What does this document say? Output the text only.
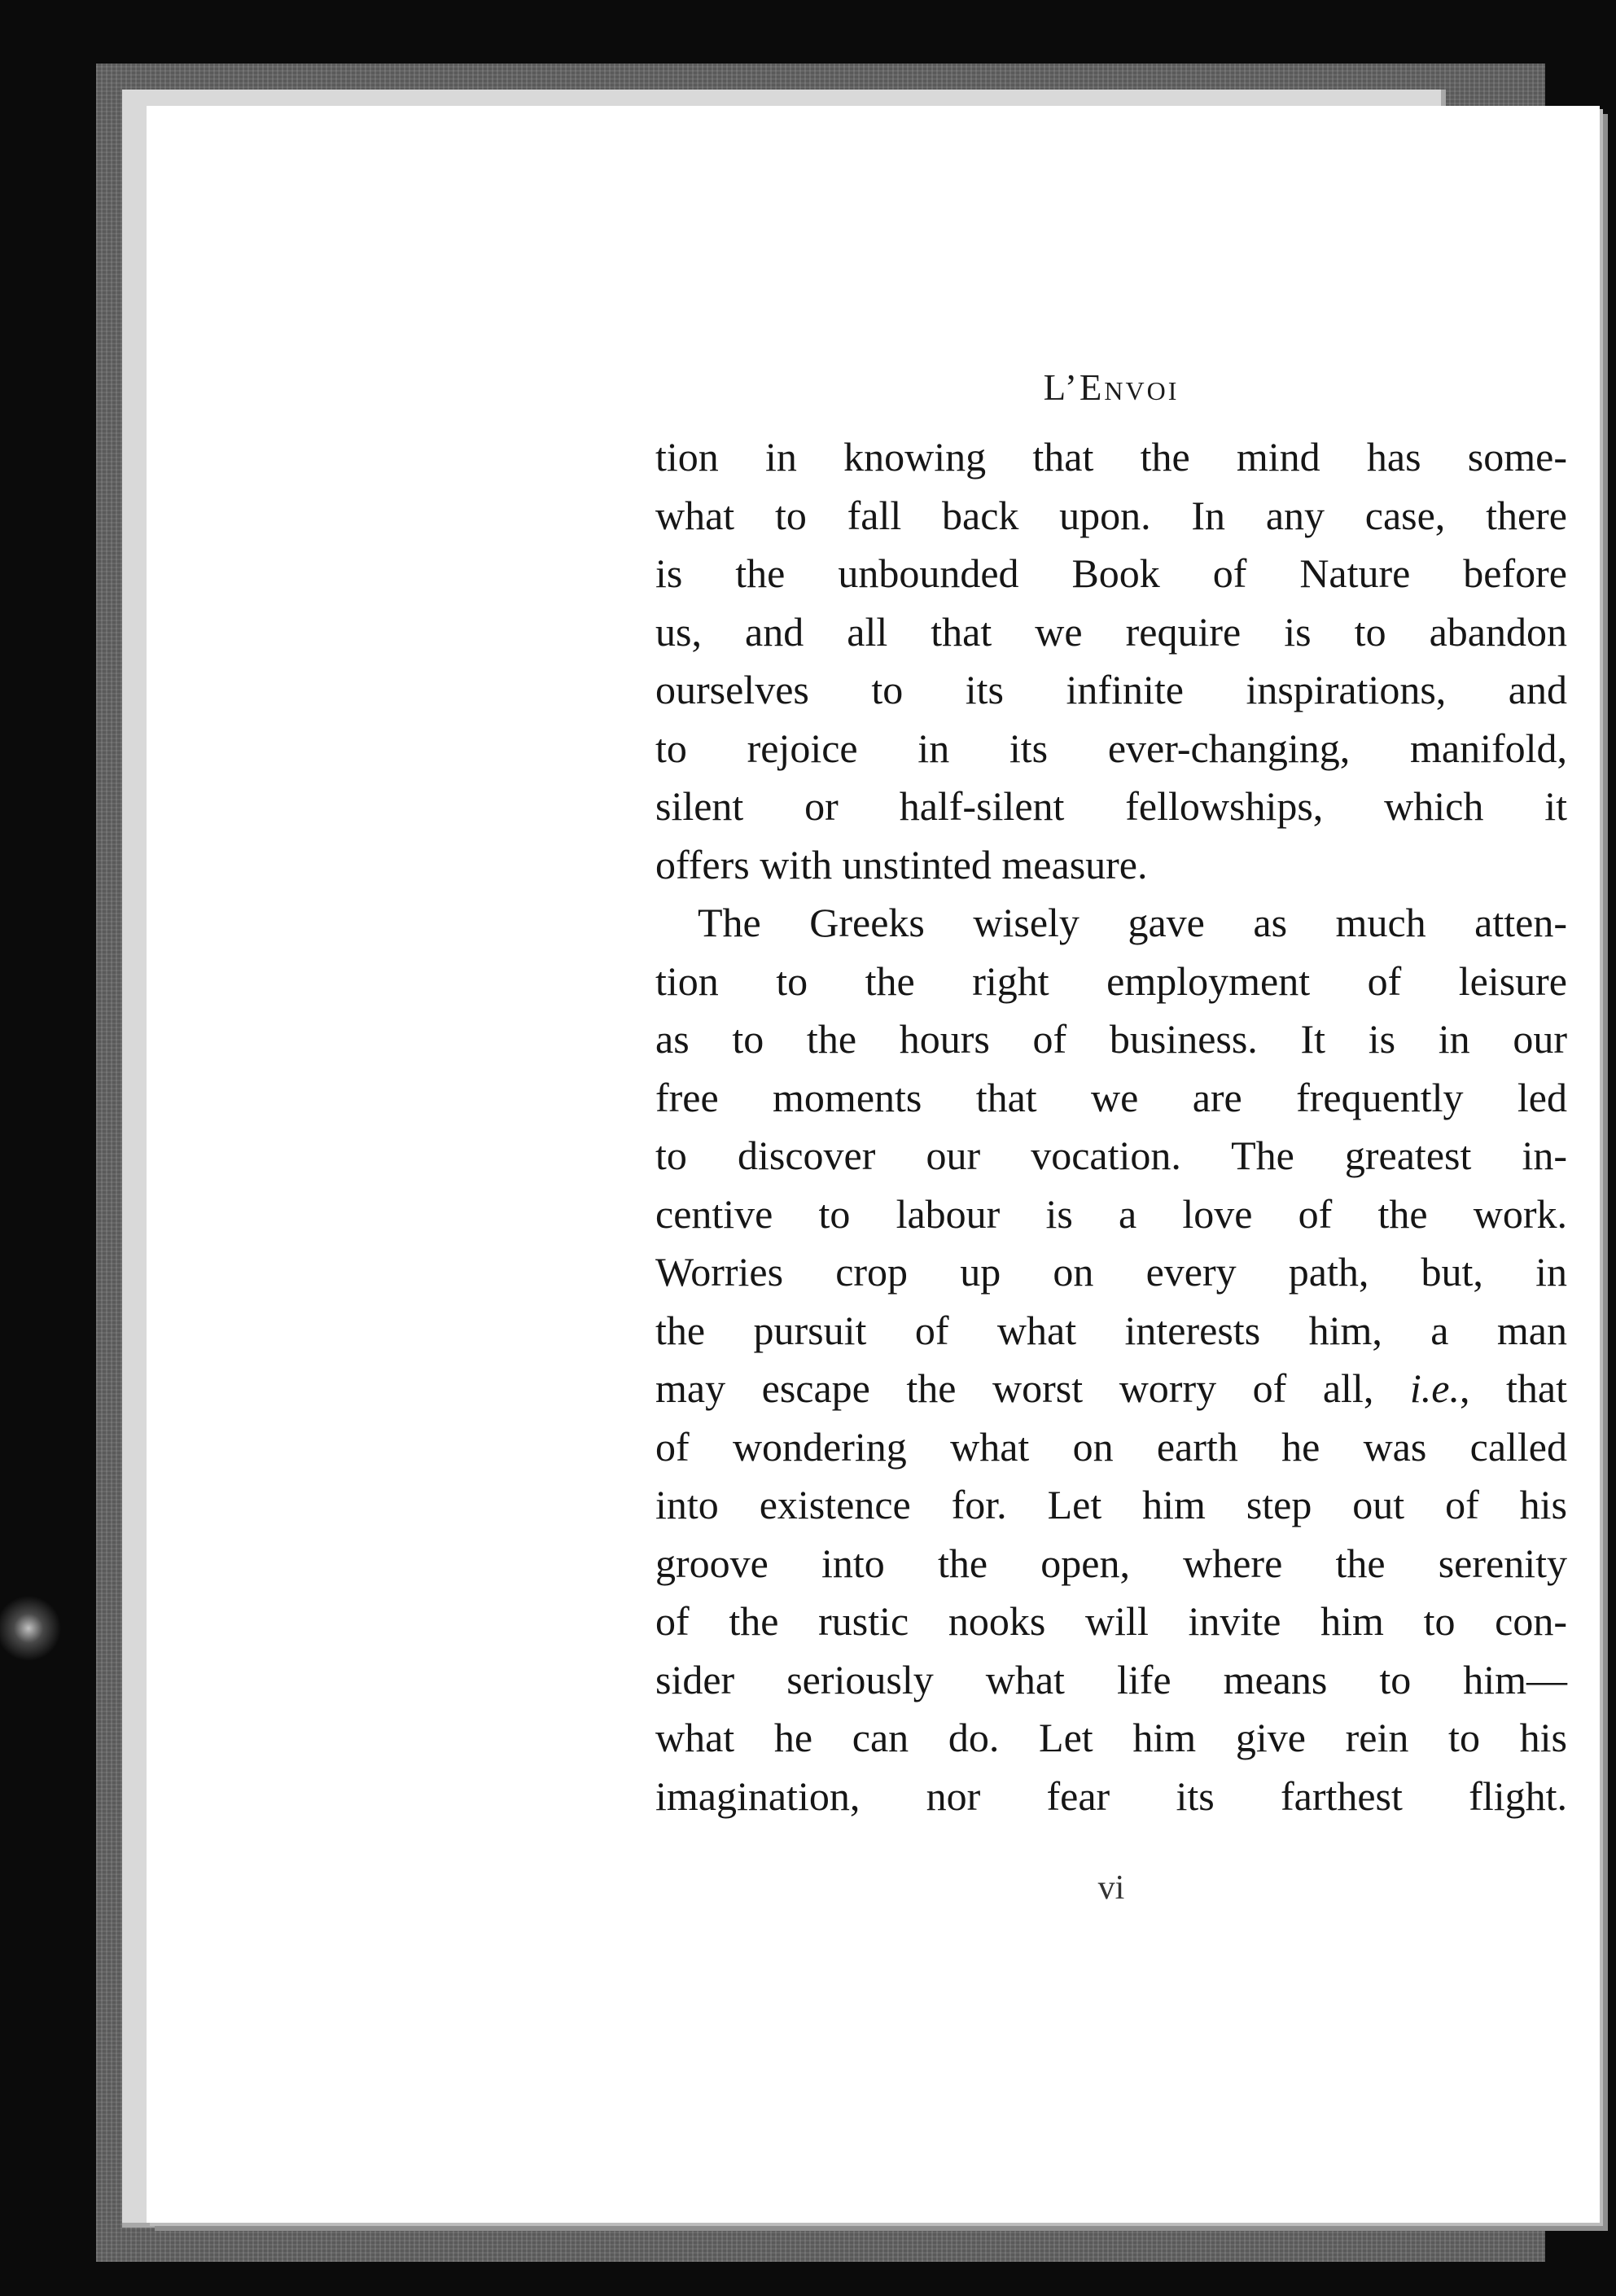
L’Envoi
tion in knowing that the mind has some-
what to fall back upon. In any case, there
is the unbounded Book of Nature before
us, and all that we require is to abandon
ourselves to its infinite inspirations, and
to rejoice in its ever-changing, manifold,
silent or half-silent fellowships, which it
offers with unstinted measure.
The Greeks wisely gave as much atten-
tion to the right employment of leisure
as to the hours of business. It is in our
free moments that we are frequently led
to discover our vocation. The greatest in-
centive to labour is a love of the work.
Worries crop up on every path, but, in
the pursuit of what interests him, a man
may escape the worst worry of all, i.e., that
of wondering what on earth he was called
into existence for. Let him step out of his
groove into the open, where the serenity
of the rustic nooks will invite him to con-
sider seriously what life means to him—
what he can do. Let him give rein to his
imagination, nor fear its farthest flight.
vi
